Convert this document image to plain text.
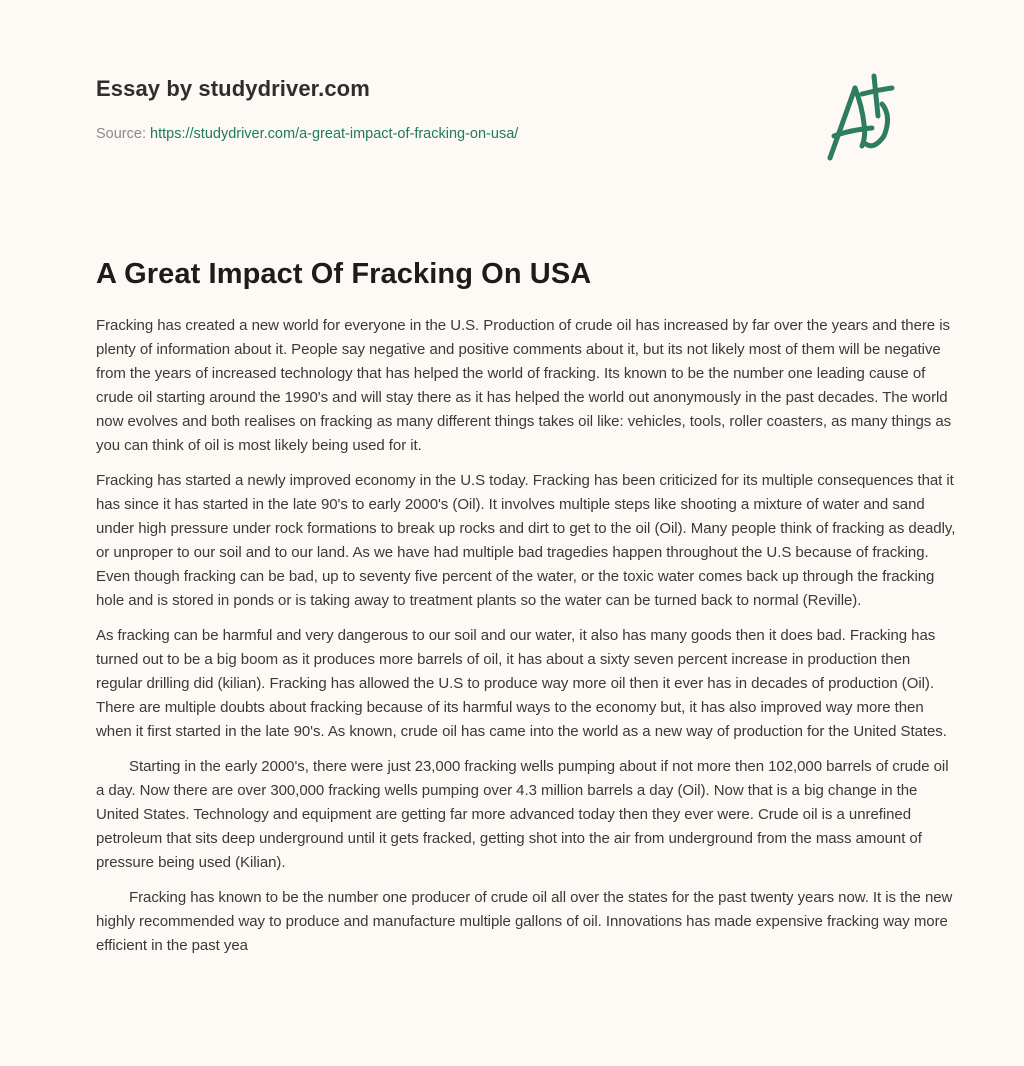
Essay by studydriver.com
Source: https://studydriver.com/a-great-impact-of-fracking-on-usa/
A Great Impact Of Fracking On USA

Fracking has created a new world for everyone in the U.S. Production of crude oil has increased by far over the years and there is plenty of information about it. People say negative and positive comments about it, but its not likely most of them will be negative from the years of increased technology that has helped the world of fracking. Its known to be the number one leading cause of crude oil starting around the 1990's and will stay there as it has helped the world out anonymously in the past decades. The world now evolves and both realises on fracking as many different things takes oil like: vehicles, tools, roller coasters, as many things as you can think of oil is most likely being used for it.

Fracking has started a newly improved economy in the U.S today. Fracking has been criticized for its multiple consequences that it has since it has started in the late 90's to early 2000's (Oil). It involves multiple steps like shooting a mixture of water and sand under high pressure under rock formations to break up rocks and dirt to get to the oil (Oil). Many people think of fracking as deadly, or unproper to our soil and to our land. As we have had multiple bad tragedies happen throughout the U.S because of fracking. Even though fracking can be bad, up to seventy five percent of the water, or the toxic water comes back up through the fracking hole and is stored in ponds or is taking away to treatment plants so the water can be turned back to normal (Reville).

As fracking can be harmful and very dangerous to our soil and our water, it also has many goods then it does bad. Fracking has turned out to be a big boom as it produces more barrels of oil, it has about a sixty seven percent increase in production then regular drilling did (kilian). Fracking has allowed the U.S to produce way more oil then it ever has in decades of production (Oil). There are multiple doubts about fracking because of its harmful ways to the economy but, it has also improved way more then when it first started in the late 90's. As known, crude oil has came into the world as a new way of production for the United States.

Starting in the early 2000's, there were just 23,000 fracking wells pumping about if not more then 102,000 barrels of crude oil a day. Now there are over 300,000 fracking wells pumping over 4.3 million barrels a day (Oil). Now that is a big change in the United States. Technology and equipment are getting far more advanced today then they ever were. Crude oil is a unrefined petroleum that sits deep underground until it gets fracked, getting shot into the air from underground from the mass amount of pressure being used (Kilian).

Fracking has known to be the number one producer of crude oil all over the states for the past twenty years now. It is the new highly recommended way to produce and manufacture multiple gallons of oil. Innovations has made expensive fracking way more efficient in the past yea
